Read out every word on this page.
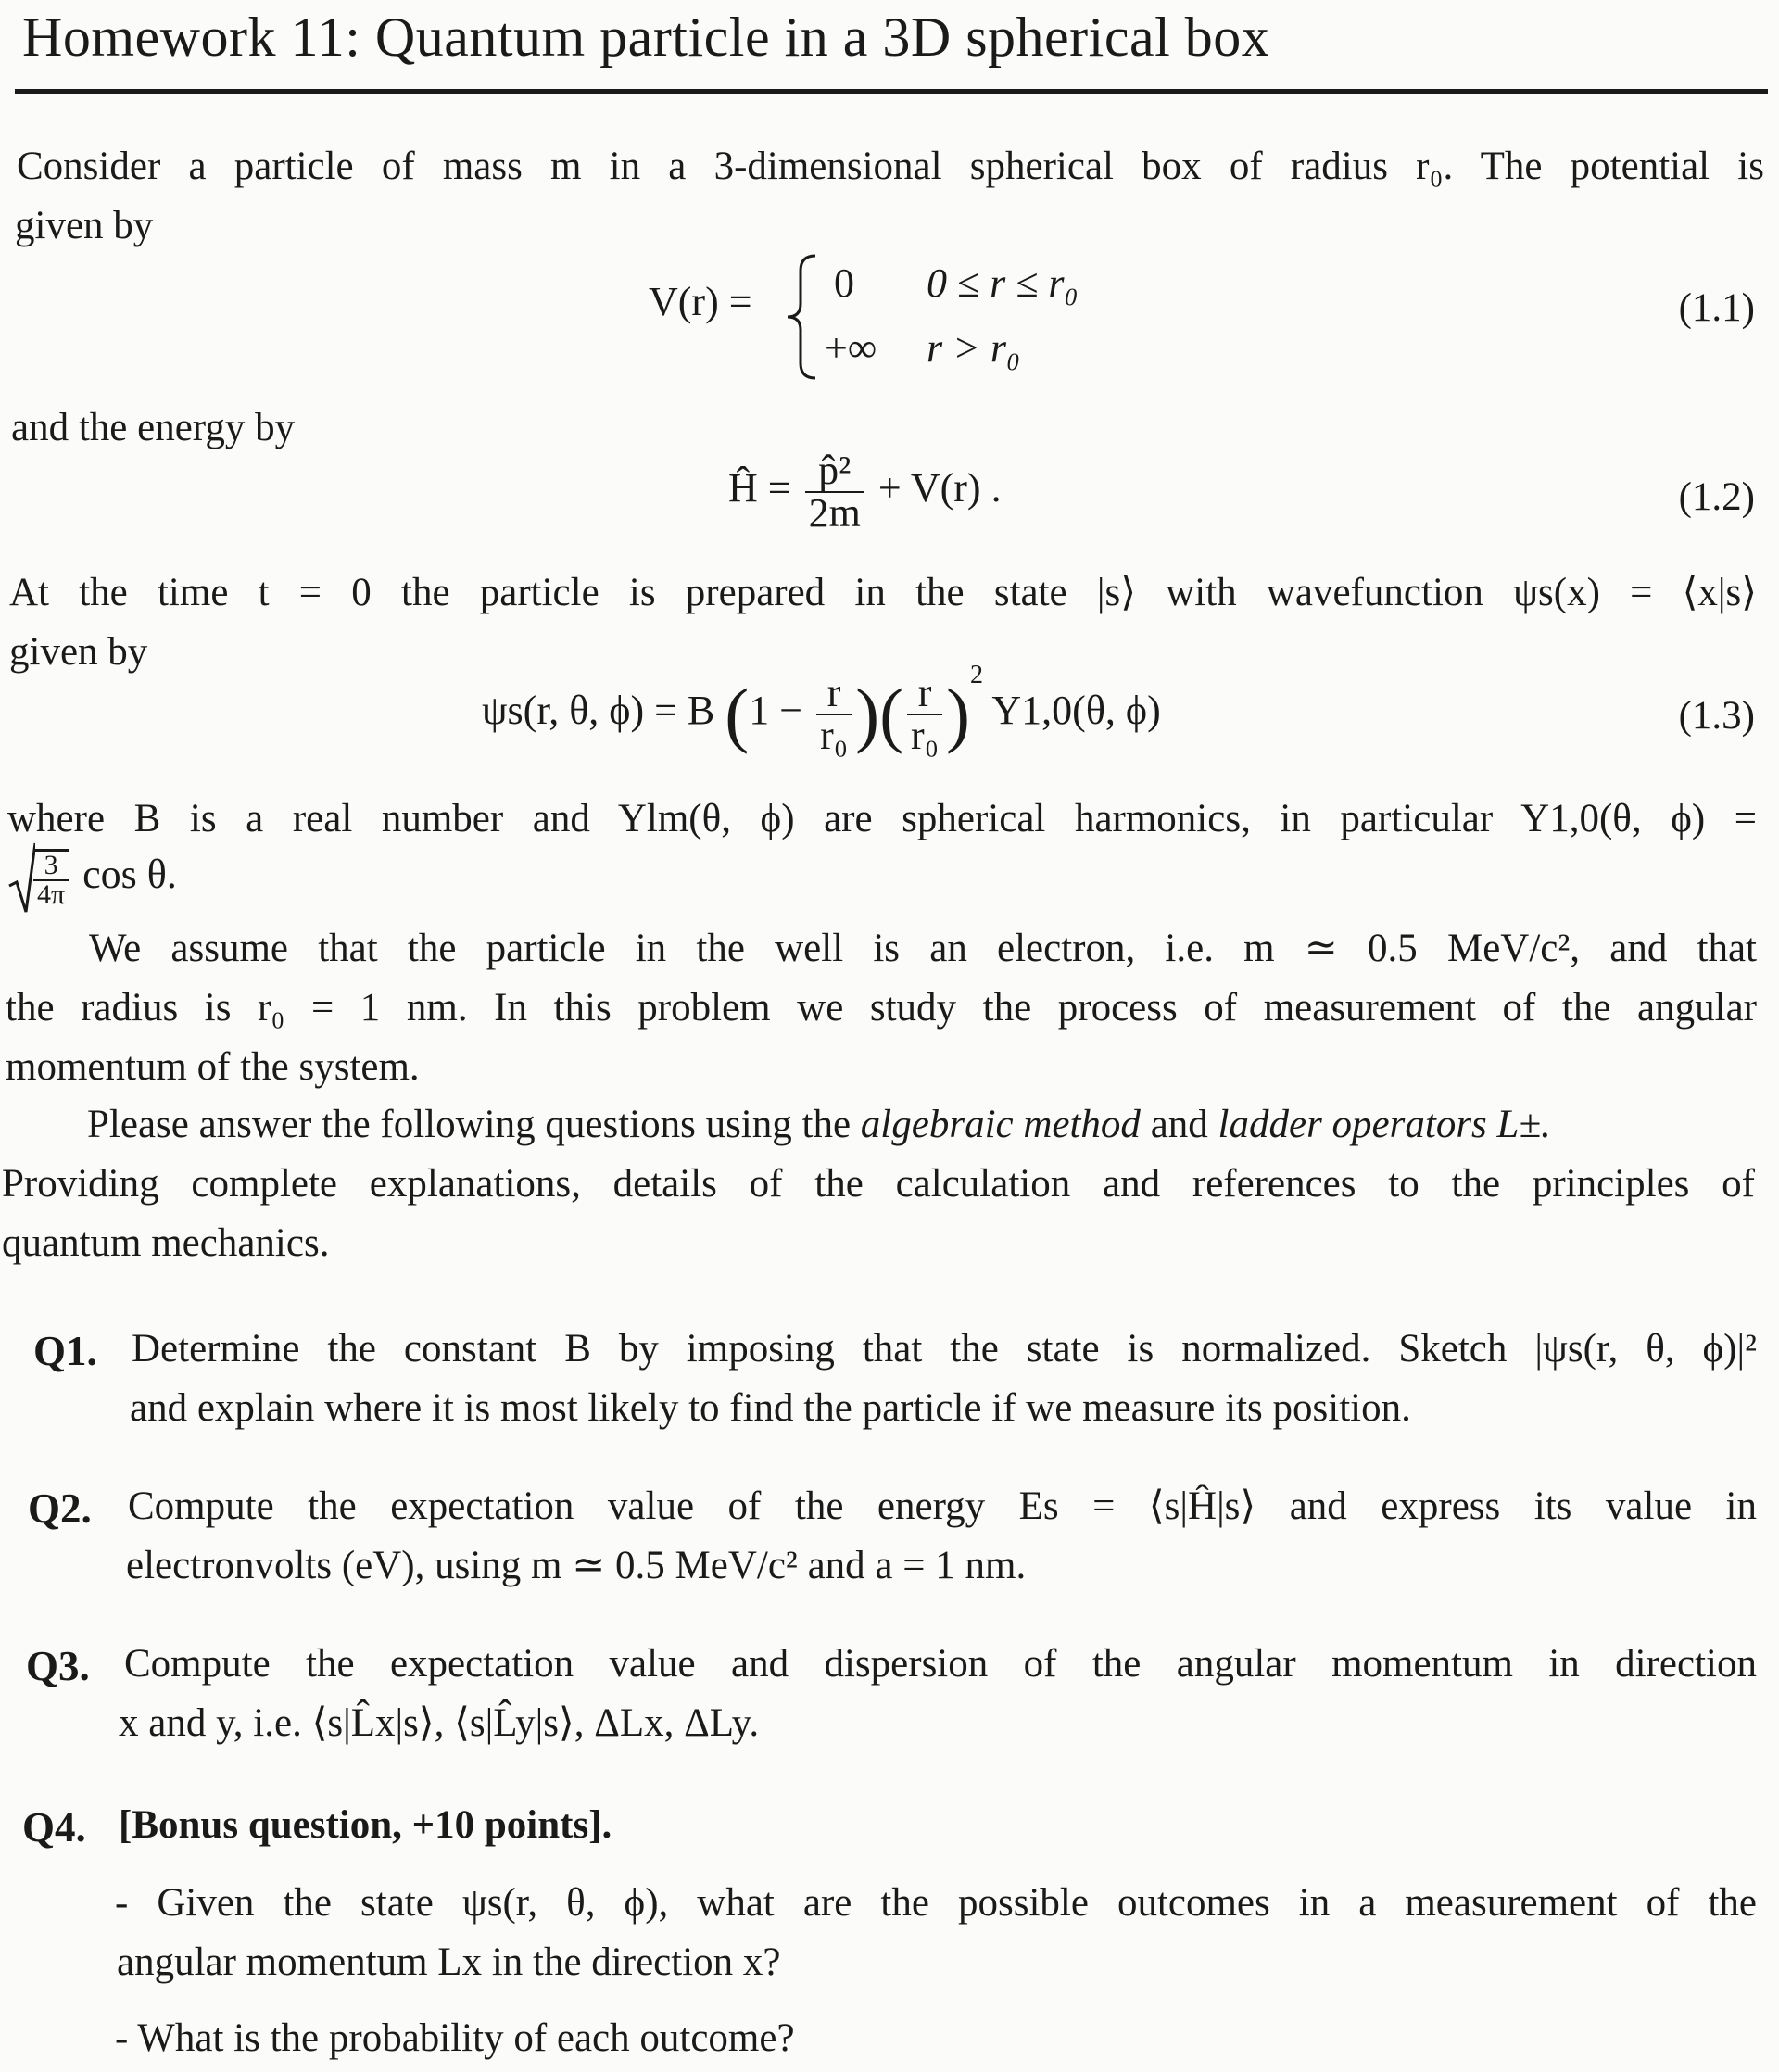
Homework 11: Quantum particle in a 3D spherical box
Consider a particle of mass m in a 3-dimensional spherical box of radius r₀. The potential is
given by
V(r) = 0 0 ≤ r ≤ r₀
+∞ r > r₀
(1.1)
and the energy by
Ĥ = $\frac{\text{p̂²}}{2m} + V(r)$ .	(1.2)
At the time t = 0 the particle is prepared in the state |s⟩ with wavefunction ψs(x) = ⟨x|s⟩
given by
ψs(r, θ, ϕ) = B ($1 - \frac{r}{\text{r₀}}$ )( $\frac{r}{\text{r₀}} )^2$ Y1,0(θ, ϕ)	(1.3)
where B is a real number and Ylm(θ, ϕ) are spherical harmonics, in particular Y1,0(θ, ϕ) =
$\frac{3}{4\pi}$ cos θ.
We assume that the particle in the well is an electron, i.e. m ≃ 0.5 MeV/c², and that
the radius is r₀ = 1 nm. In this problem we study the process of measurement of the angular
momentum of the system.
Please answer the following questions using the algebraic method and ladder operators L±.
Providing complete explanations, details of the calculation and references to the principles of
quantum mechanics.
Q1. Determine the constant B by imposing that the state is normalized. Sketch |ψs(r, θ, ϕ)|²
and explain where it is most likely to find the particle if we measure its position.
Q2. Compute the expectation value of the energy Es = ⟨s|Ĥ|s⟩ and express its value in
electronvolts (eV), using m ≃ 0.5 MeV/c² and a = 1 nm.
Q3. Compute the expectation value and dispersion of the angular momentum in direction
x and y, i.e. ⟨s|L̂x|s⟩, ⟨s|L̂y|s⟩, ΔLx, ΔLy.
Q4. [Bonus question, +10 points].
- Given the state ψs(r, θ, ϕ), what are the possible outcomes in a measurement of the
angular momentum Lx in the direction x?
- What is the probability of each outcome?
